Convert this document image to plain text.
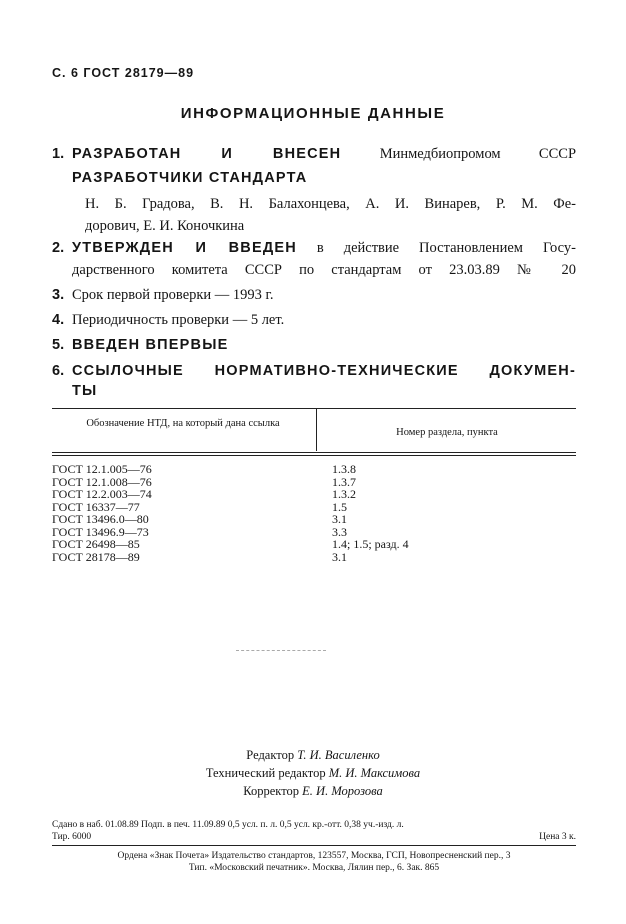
С. 6 ГОСТ 28179—89
ИНФОРМАЦИОННЫЕ ДАННЫЕ
1. РАЗРАБОТАН И ВНЕСЕН	Минмедбиопромом СССР
РАЗРАБОТЧИКИ СТАНДАРТА
Н. Б. Градова, В. Н. Балахонцева, А. И. Винарев, Р. М. Фе-
дорович, Е. И. Коночкина
2. УТВЕРЖДЕН И ВВЕДЕН в действие Постановлением Госу-
дарственного комитета СССР по стандартам от 23.03.89 № 20
3. Срок первой проверки — 1993 г.
4. Периодичность проверки — 5 лет.
5. ВВЕДЕН ВПЕРВЫЕ
6. ССЫЛОЧНЫЕ НОРМАТИВНО-ТЕХНИЧЕСКИЕ ДОКУМЕН-
ТЫ
Обозначение НТД, на который дана ссылка
Номер раздела, пункта
ГОСТ 12.1.005—76	1.3.8
ГОСТ 12.1.008—76	1.3.7
ГОСТ 12.2.003—74	1.3.2
ГОСТ 16337—77	1.5
ГОСТ 13496.0—80	3.1
ГОСТ 13496.9—73	3.3
ГОСТ 26498—85	1.4; 1.5; разд. 4
ГОСТ 28178—89	3.1
Редактор Т. И. Василенко
Технический редактор М. И. Максимова
Корректор Е. И. Морозова
Сдано в наб. 01.08.89 Подп. в печ. 11.09.89 0,5 усл. п. л. 0,5 усл. кр.-отт. 0,38 уч.-изд. л.
Тир. 6000	Цена 3 к.
Ордена «Знак Почета» Издательство стандартов, 123557, Москва, ГСП, Новопресненский пер., 3
Тип. «Московский печатник». Москва, Лялин пер., 6. Зак. 865
